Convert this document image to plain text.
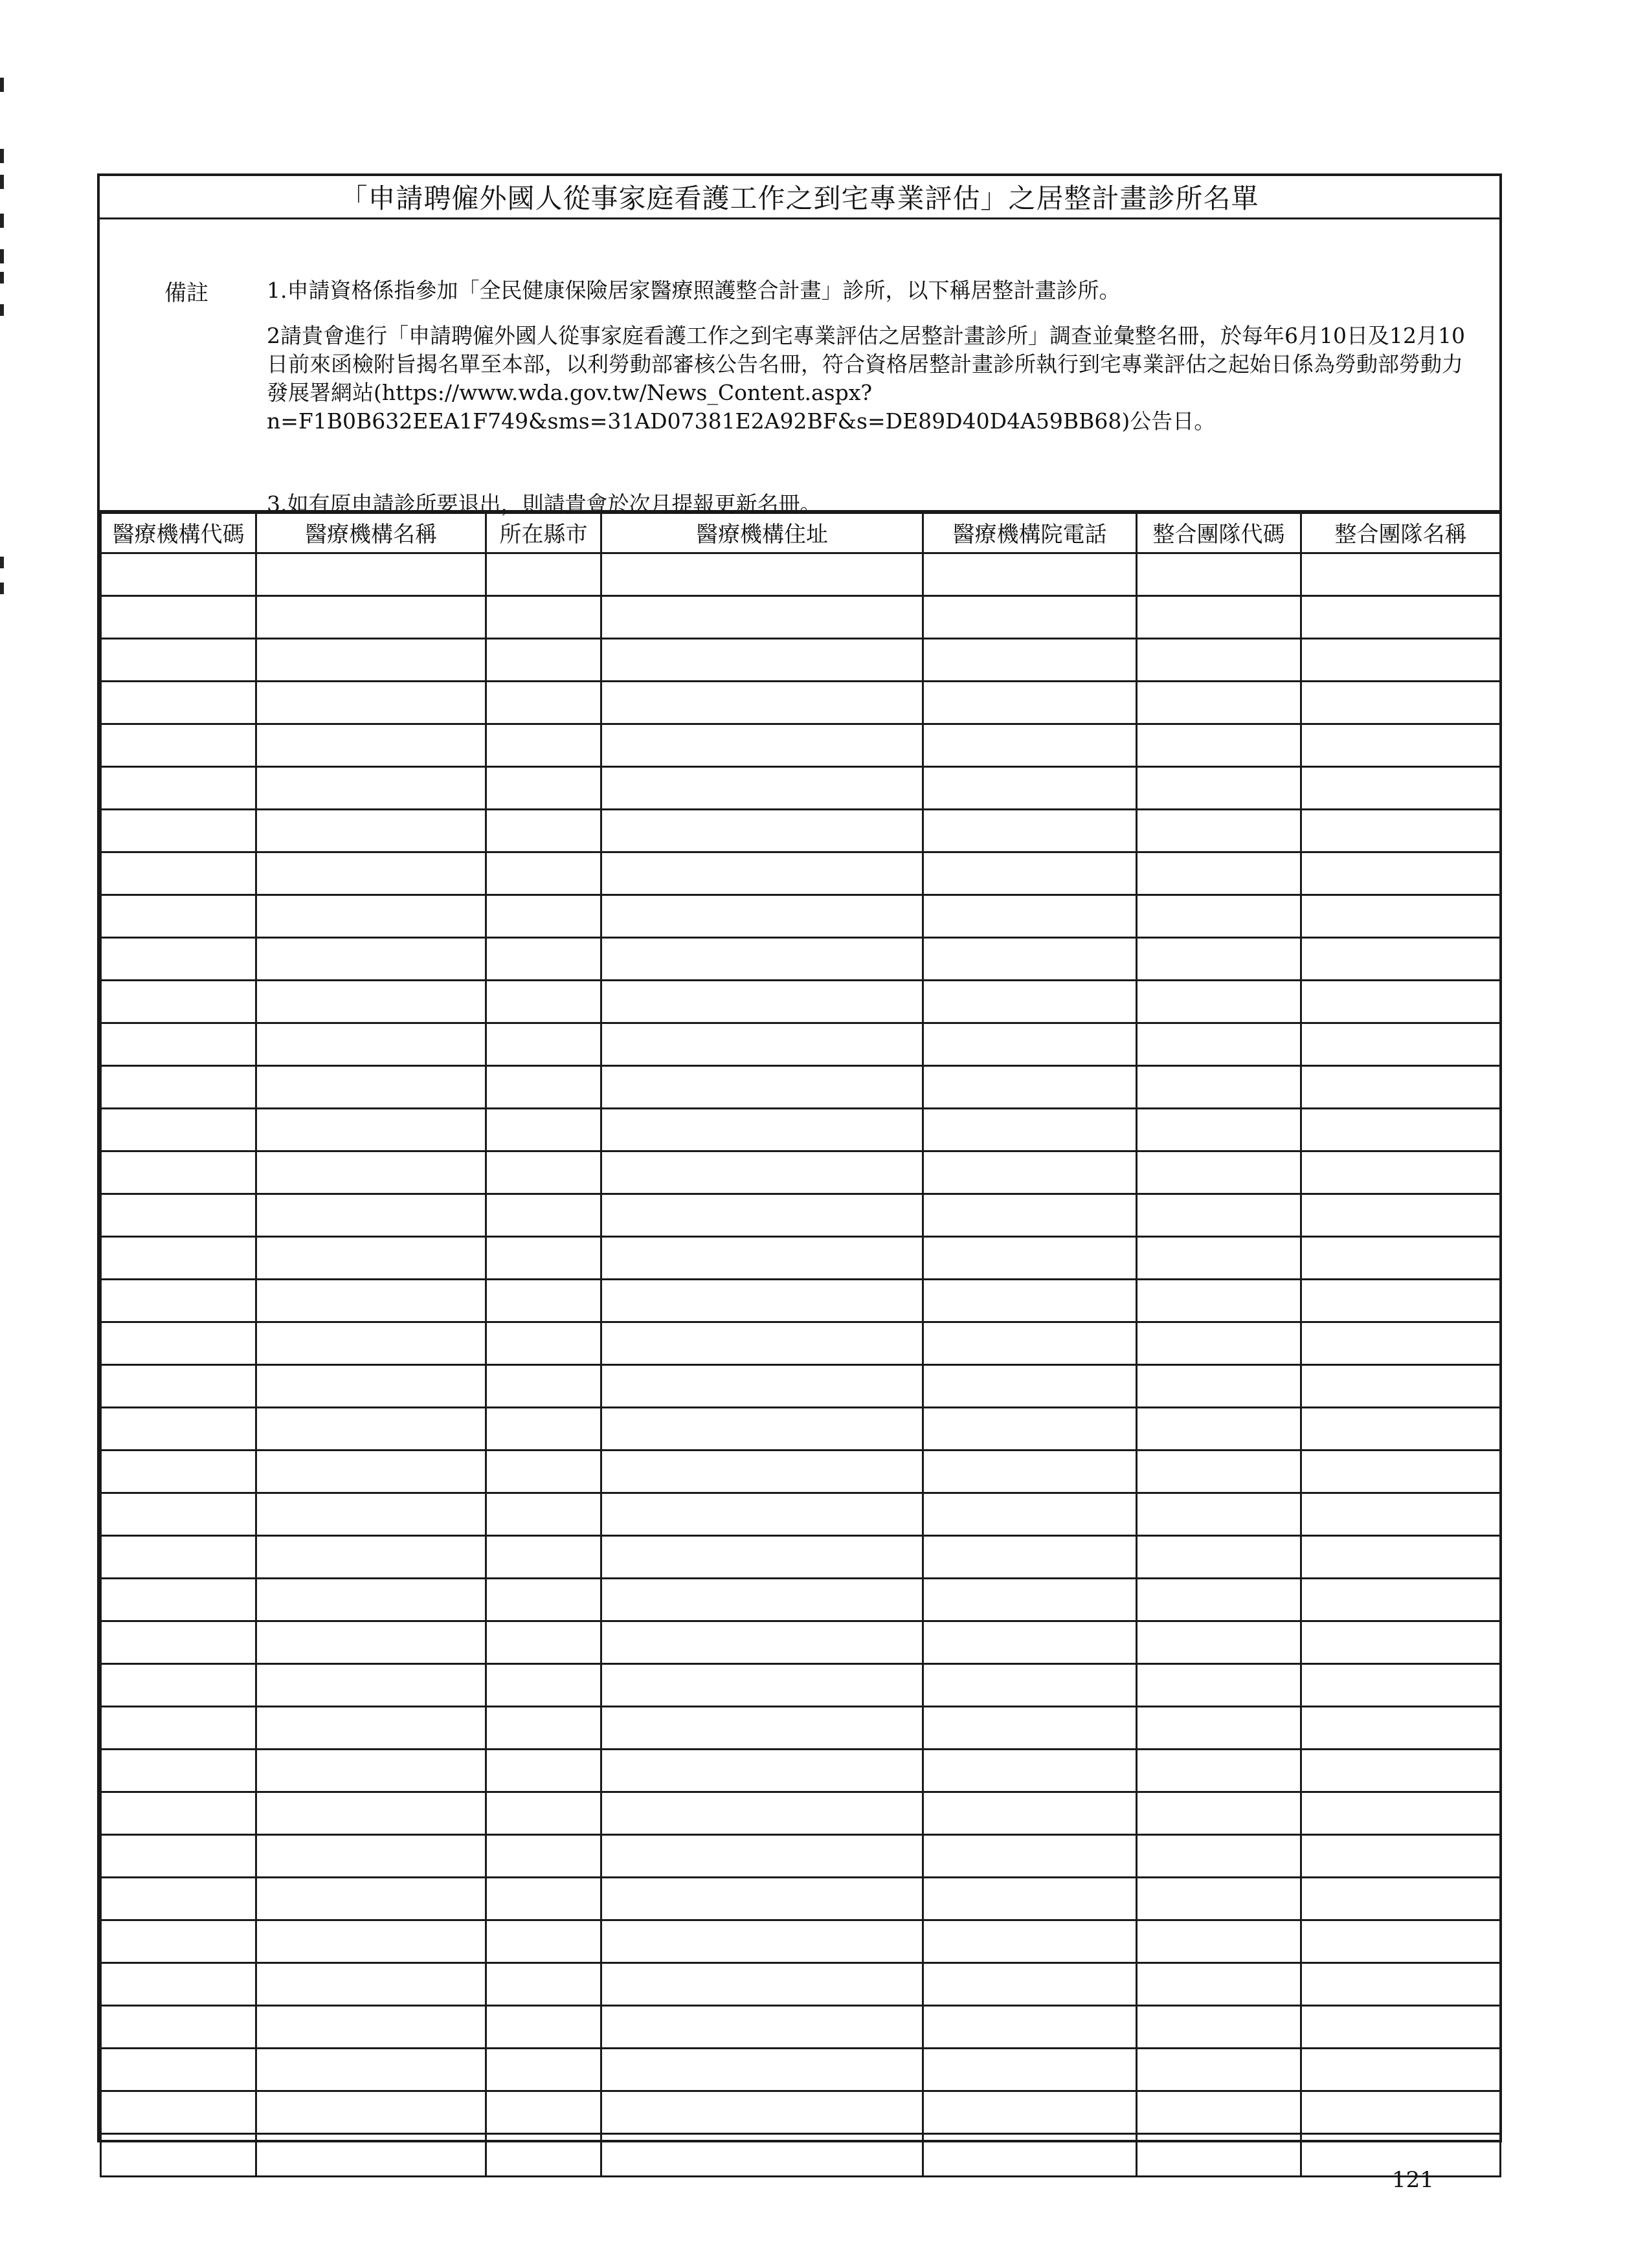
「申請聘僱外國人從事家庭看護工作之到宅專業評估」之居整計畫診所名單
備註	1.申請資格係指參加「全民健康保險居家醫療照護整合計畫」診所，以下稱居整計畫診所。
2請貴會進行「申請聘僱外國人從事家庭看護工作之到宅專業評估之居整計畫診所」調查並彙整名冊，於每年6月10日及12月10日前來函檢附旨揭名單至本部，以利勞動部審核公告名冊，符合資格居整計畫診所執行到宅專業評估之起始日係為勞動部勞動力發展署網站(https://www.wda.gov.tw/News_Content.aspx?n=F1B0B632EEA1F749&sms=31AD07381E2A92BF&s=DE89D40D4A59BB68)公告日。
3.如有原申請診所要退出，則請貴會於次月提報更新名冊。
醫療機構代碼	醫療機構名稱	所在縣市	醫療機構住址	醫療機構院電話	整合團隊代碼	整合團隊名稱

121
